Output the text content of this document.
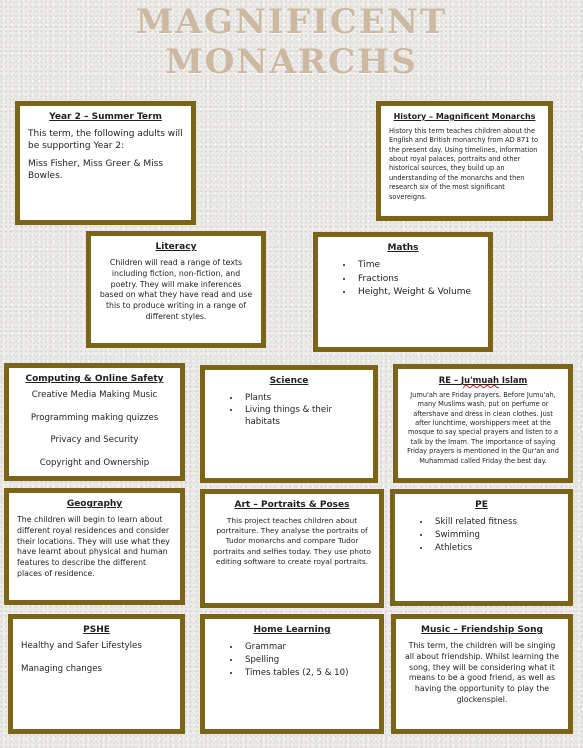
MAGNIFICENT
MONARCHS
Year 2 – Summer Term

This term, the following adults will be supporting Year 2:

Miss Fisher, Miss Greer & Miss Bowles.

History – Magnificent Monarchs

History this term teaches children about the English and British monarchy from AD 871 to the present day. Using timelines, information about royal palaces, portraits and other historical sources, they build up an understanding of the monarchs and then research six of the most significant sovereigns.

Literacy

Children will read a range of texts including fiction, non-fiction, and poetry. They will make inferences based on what they have read and use this to produce writing in a range of different styles.

Maths
• Time
• Fractions
• Height, Weight & Volume
Computing & Online Safety

Creative Media Making Music

Programming making quizzes

Privacy and Security

Copyright and Ownership

Science
• Plants
• Living things & their habitats
RE – Ju'muah Islam

Jumu'ah are Friday prayers. Before Jumu'ah, many Muslims wash, put on perfume or aftershave and dress in clean clothes. Just after lunchtime, worshippers meet at the mosque to say special prayers and listen to a talk by the Imam. The importance of saying Friday prayers is mentioned in the Qur'an and Muhammad called Friday the best day.

Geography

The children will begin to learn about different royal residences and consider their locations. They will use what they have learnt about physical and human features to describe the different places of residence.

Art – Portraits & Poses

This project teaches children about portraiture. They analyse the portraits of Tudor monarchs and compare Tudor portraits and selfies today. They use photo editing software to create royal portraits.

PE
• Skill related fitness
• Swimming
• Athletics
PSHE

Healthy and Safer Lifestyles

Managing changes

Home Learning
• Grammar
• Spelling
• Times tables (2, 5 & 10)
Music – Friendship Song

This term, the children will be singing all about friendship. Whilst learning the song, they will be considering what it means to be a good friend, as well as having the opportunity to play the glockenspiel.
